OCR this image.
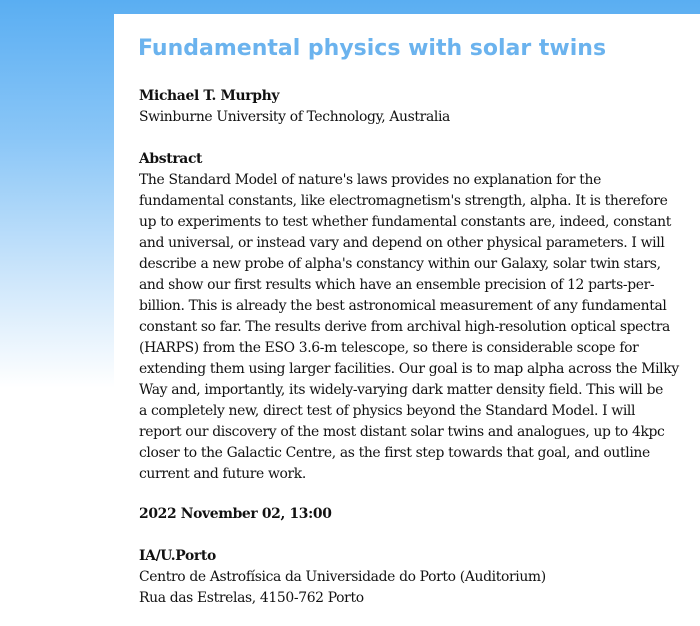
Fundamental physics with solar twins
Michael T. Murphy
Swinburne University of Technology, Australia
Abstract
The Standard Model of nature's laws provides no explanation for the
fundamental constants, like electromagnetism's strength, alpha. It is therefore
up to experiments to test whether fundamental constants are, indeed, constant
and universal, or instead vary and depend on other physical parameters. I will
describe a new probe of alpha's constancy within our Galaxy, solar twin stars,
and show our first results which have an ensemble precision of 12 parts-per-
billion. This is already the best astronomical measurement of any fundamental
constant so far. The results derive from archival high-resolution optical spectra
(HARPS) from the ESO 3.6-m telescope, so there is considerable scope for
extending them using larger facilities. Our goal is to map alpha across the Milky
Way and, importantly, its widely-varying dark matter density field. This will be
a completely new, direct test of physics beyond the Standard Model. I will
report our discovery of the most distant solar twins and analogues, up to 4kpc
closer to the Galactic Centre, as the first step towards that goal, and outline
current and future work.
2022 November 02, 13:00
IA/U.Porto
Centro de Astrofísica da Universidade do Porto (Auditorium)
Rua das Estrelas, 4150-762 Porto
